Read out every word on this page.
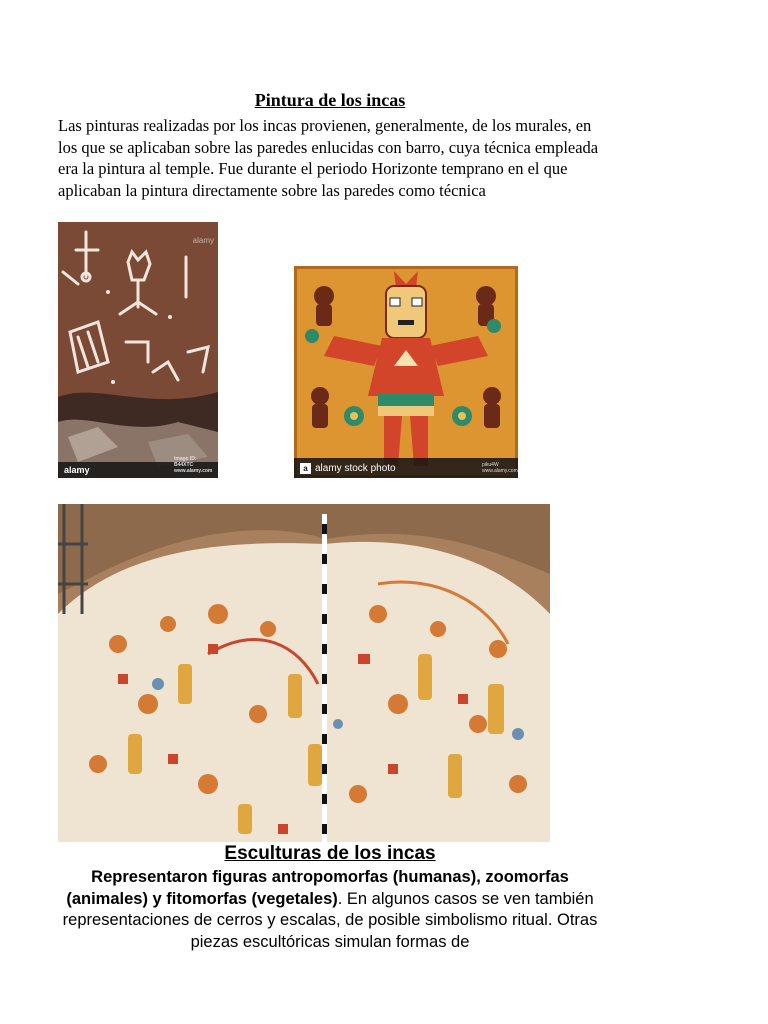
Pintura de los incas
Las pinturas realizadas por los incas provienen, generalmente, de los murales, en los que se aplicaban sobre las paredes enlucidas con barro, cuya técnica empleada era la pintura al temple. Fue durante el periodo Horizonte temprano en el que aplicaban la pintura directamente sobre las paredes como técnica
alamy
alamy
Image ID: B44XTC www.alamy.com	a alamy stock photo	piku4W www.alamy.com
Esculturas de los incas
Representaron figuras antropomorfas (humanas), zoomorfas (animales) y fitomorfas (vegetales). En algunos casos se ven también representaciones de cerros y escalas, de posible simbolismo ritual. Otras piezas escultóricas simulan formas de
